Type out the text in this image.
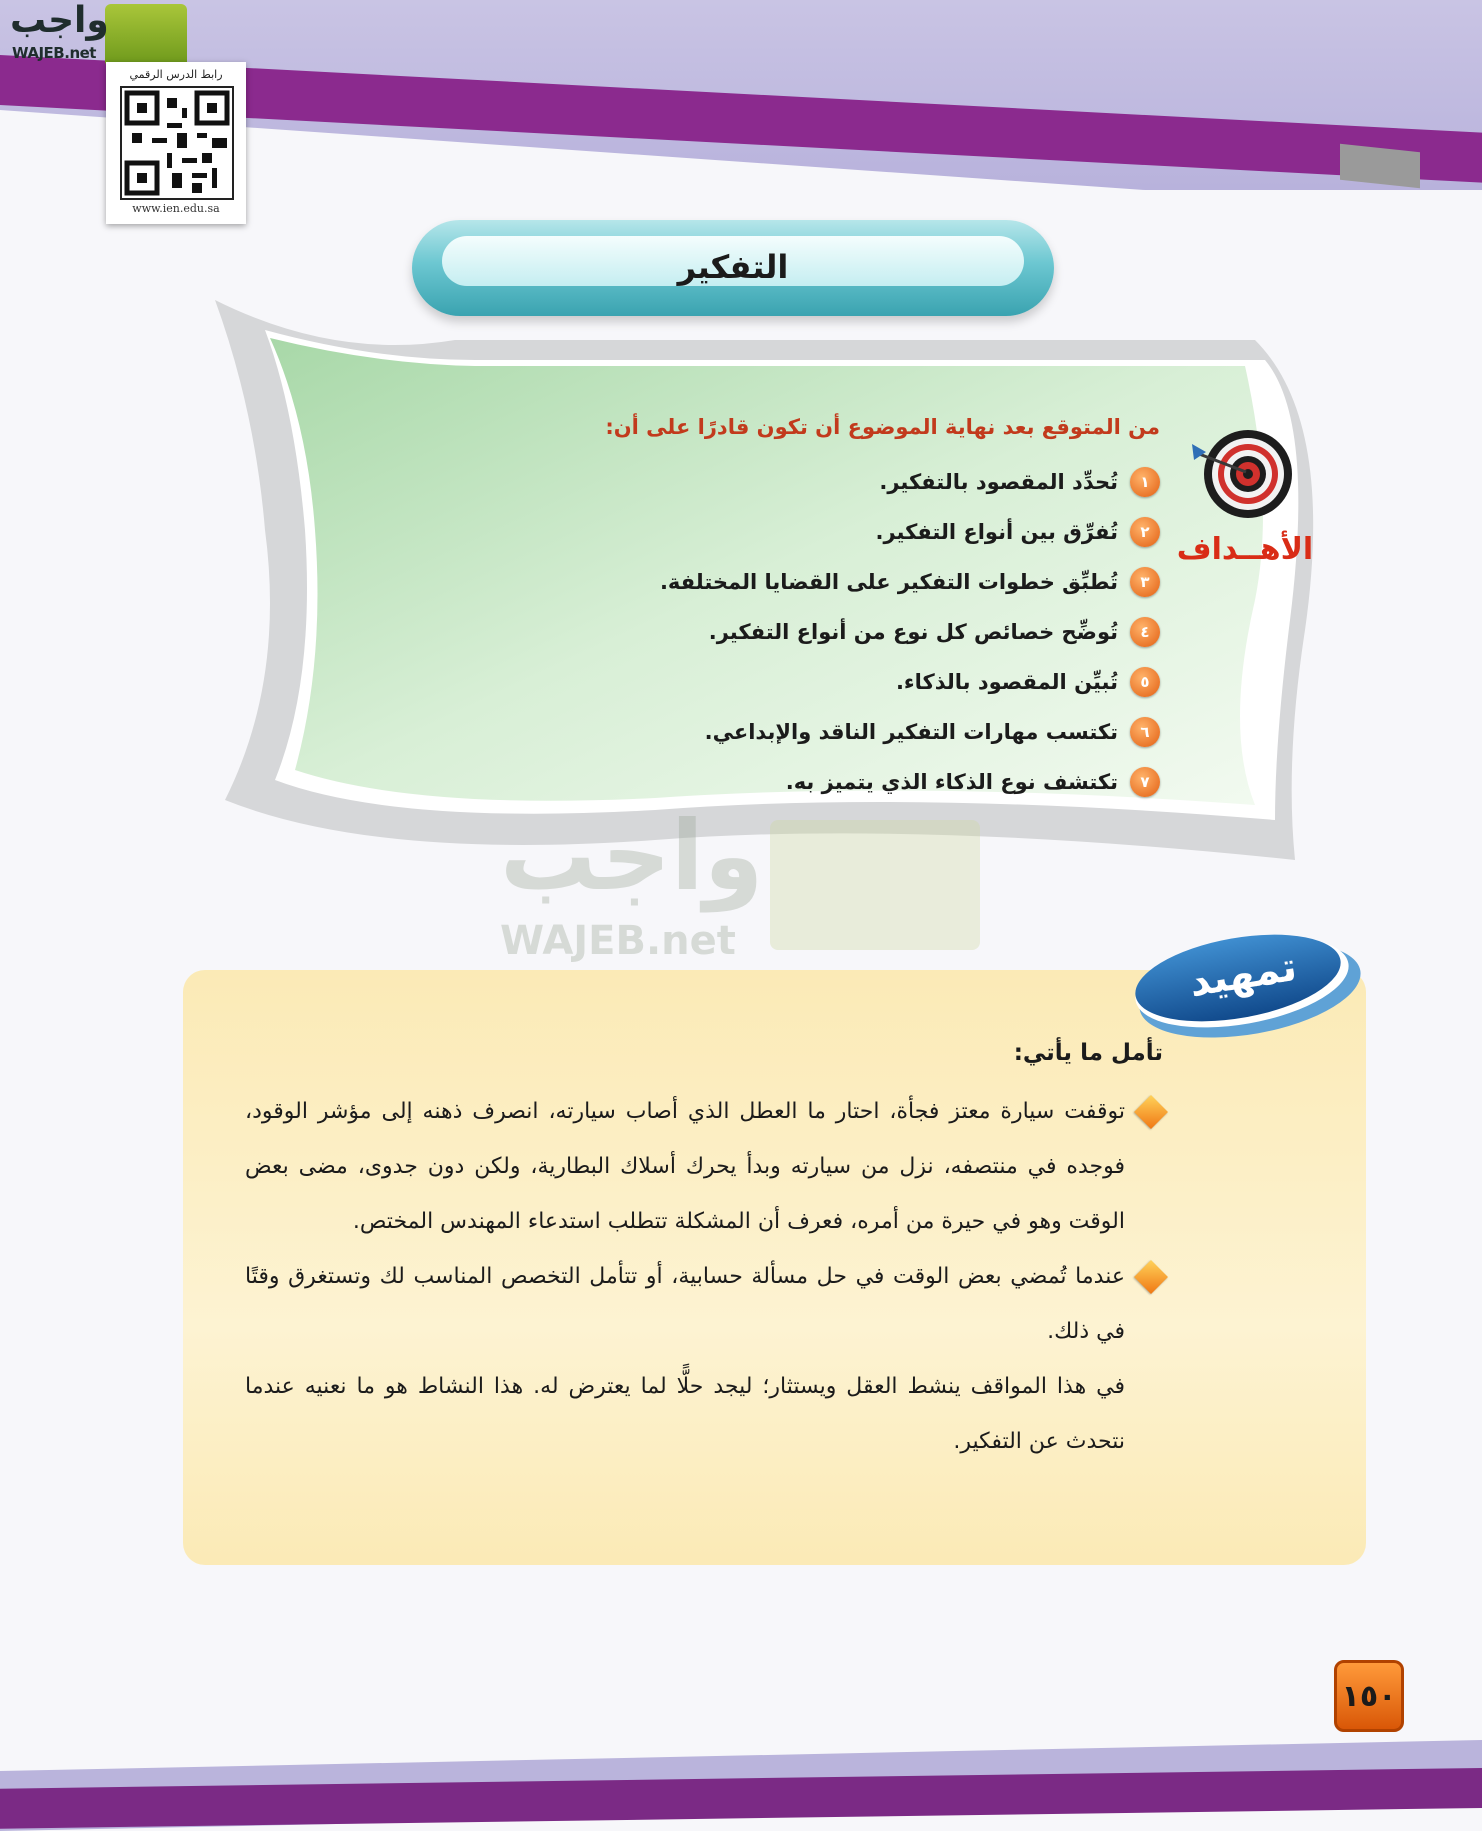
واجب
WAJEB.net
رابط الدرس الرقمي
www.ien.edu.sa
التفكير
الأهــداف
من المتوقع بعد نهاية الموضوع أن تكون قادرًا على أن:
١
تُحدِّد المقصود بالتفكير.
٢
تُفرِّق بين أنواع التفكير.
٣
تُطبِّق خطوات التفكير على القضايا المختلفة.
٤
تُوضِّح خصائص كل نوع من أنواع التفكير.
٥
تُبيِّن المقصود بالذكاء.
٦
تكتسب مهارات التفكير الناقد والإبداعي.
٧
تكتشف نوع الذكاء الذي يتميز به.
واجب
WAJEB.net
تمهيد
تأمل ما يأتي:
توقفت سيارة معتز فجأة، احتار ما العطل الذي أصاب سيارته، انصرف ذهنه إلى مؤشر الوقود، فوجده في منتصفه، نزل من سيارته وبدأ يحرك أسلاك البطارية، ولكن دون جدوى، مضى بعض الوقت وهو في حيرة من أمره، فعرف أن المشكلة تتطلب استدعاء المهندس المختص.
عندما تُمضي بعض الوقت في حل مسألة حسابية، أو تتأمل التخصص المناسب لك وتستغرق وقتًا في ذلك.
في هذا المواقف ينشط العقل ويستثار؛ ليجد حلًّا لما يعترض له. هذا النشاط هو ما نعنيه عندما نتحدث عن التفكير.
١٥٠
